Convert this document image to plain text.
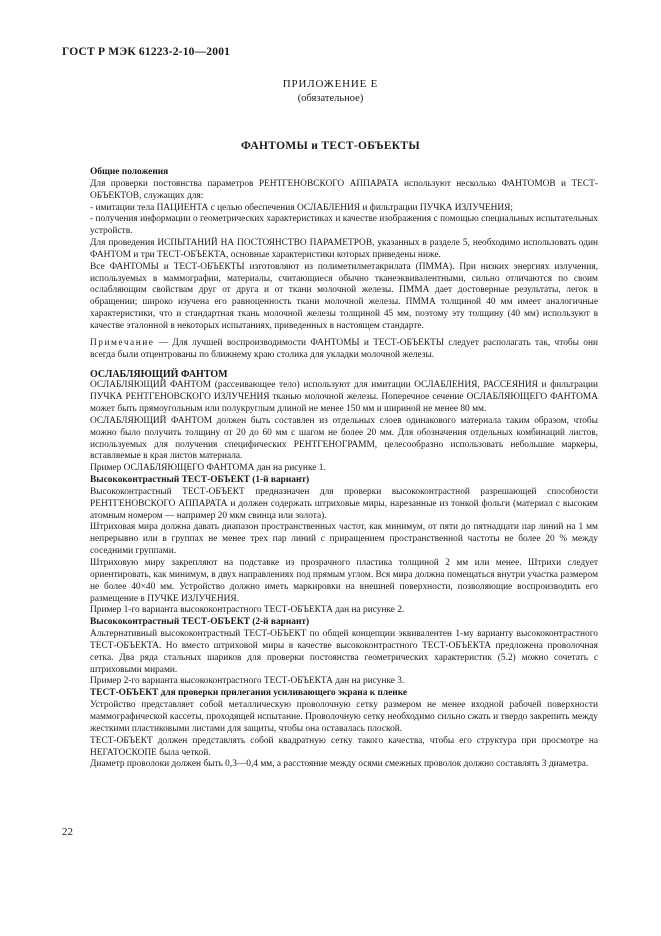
ГОСТ Р МЭК 61223-2-10—2001
ПРИЛОЖЕНИЕ Е
(обязательное)
ФАНТОМЫ и ТЕСТ-ОБЪЕКТЫ

Общие положения

Для проверки постоянства параметров РЕНТГЕНОВСКОГО АППАРАТА используют несколько ФАНТОМОВ и ТЕСТ-ОБЪЕКТОВ, служащих для:

- имитации тела ПАЦИЕНТА с целью обеспечения ОСЛАБЛЕНИЯ и фильтрации ПУЧКА ИЗЛУЧЕНИЯ;

- получения информации о геометрических характеристиках и качестве изображения с помощью специальных испытательных устройств.

Для проведения ИСПЫТАНИЙ НА ПОСТОЯНСТВО ПАРАМЕТРОВ, указанных в разделе 5, необходимо использовать один ФАНТОМ и три ТЕСТ-ОБЪЕКТА, основные характеристики которых приведены ниже.

Все ФАНТОМЫ и ТЕСТ-ОБЪЕКТЫ изготовляют из полиметилметакрилата (ПММА). При низких энергиях излучения, используемых в маммографии, материалы, считающиеся обычно тканеэквивалентными, сильно отличаются по своим ослабляющим свойствам друг от друга и от ткани молочной железы. ПММА дает достоверные результаты, легок в обращении; широко изучена его равноценность ткани молочной железы. ПММА толщиной 40 мм имеет аналогичные характеристики, что и стандартная ткань молочной железы толщиной 45 мм, поэтому эту толщину (40 мм) используют в качестве эталонной в некоторых испытаниях, приведенных в настоящем стандарте.

Примечание — Для лучшей воспроизводимости ФАНТОМЫ и ТЕСТ-ОБЪЕКТЫ следует располагать так, чтобы они всегда были отцентрованы по ближнему краю столика для укладки молочной железы.

ОСЛАБЛЯЮЩИЙ ФАНТОМ

ОСЛАБЛЯЮЩИЙ ФАНТОМ (рассеивающее тело) используют для имитации ОСЛАБЛЕНИЯ, РАССЕЯНИЯ и фильтрации ПУЧКА РЕНТГЕНОВСКОГО ИЗЛУЧЕНИЯ тканью молочной железы. Поперечное сечение ОСЛАБЛЯЮЩЕГО ФАНТОМА может быть прямоугольным или полукруглым длиной не менее 150 мм и шириной не менее 80 мм.

ОСЛАБЛЯЮЩИЙ ФАНТОМ должен быть составлен из отдельных слоев одинакового материала таким образом, чтобы можно было получить толщину от 20 до 60 мм с шагом не более 20 мм. Для обозначения отдельных комбинаций листов, используемых для получения специфических РЕНТГЕНОГРАММ, целесообразно использовать небольшие маркеры, вставляемые в края листов материала.

Пример ОСЛАБЛЯЮЩЕГО ФАНТОМА дан на рисунке 1.

Высококонтрастный ТЕСТ-ОБЪЕКТ (1-й вариант)

Высококонтрастный ТЕСТ-ОБЪЕКТ предназначен для проверки высококонтрастной разрешающей способности РЕНТГЕНОВСКОГО АППАРАТА и должен содержать штриховые миры, нарезанные из тонкой фольги (материал с высоким атомным номером — например 20 мкм свинца или золота).

Штриховая мира должна давать диапазон пространственных частот, как минимум, от пяти до пятнадцати пар линий на 1 мм непрерывно или в группах не менее трех пар линий с приращением пространственной частоты не более 20 % между соседними группами.

Штриховую миру закрепляют на подставке из прозрачного пластика толщиной 2 мм или менее. Штрихи следует ориентировать, как минимум, в двух направлениях под прямым углом. Вся мира должна помещаться внутри участка размером не более 40×40 мм. Устройство должно иметь маркировки на внешней поверхности, позволяющие воспроизводить его размещение в ПУЧКЕ ИЗЛУЧЕНИЯ.

Пример 1-го варианта высококонтрастного ТЕСТ-ОБЪЕКТА дан на рисунке 2.

Высококонтрастный ТЕСТ-ОБЪЕКТ (2-й вариант)

Альтернативный высококонтрастный ТЕСТ-ОБЪЕКТ по общей концепции эквивалентен 1-му варианту высококонтрастного ТЕСТ-ОБЪЕКТА. Но вместо штриховой миры в качестве высококонтрастного ТЕСТ-ОБЪЕКТА предложена проволочная сетка. Два ряда стальных шариков для проверки постоянства геометрических характеристик (5.2) можно сочетать с штриховыми мирами.

Пример 2-го варианта высококонтрастного ТЕСТ-ОБЪЕКТА дан на рисунке 3.

ТЕСТ-ОБЪЕКТ для проверки прилегания усиливающего экрана к пленке

Устройство представляет собой металлическую проволочную сетку размером не менее входной рабочей поверхности маммографической кассеты, проходящей испытание. Проволочную сетку необходимо сильно сжать и твердо закрепить между жесткими пластиковыми листами для защиты, чтобы она оставалась плоской.

ТЕСТ-ОБЪЕКТ должен представлять собой квадратную сетку такого качества, чтобы его структура при просмотре на НЕГАТОСКОПЕ была четкой.

Диаметр проволоки должен быть 0,3—0,4 мм, а расстояние между осями смежных проволок должно составлять 3 диаметра.

22
